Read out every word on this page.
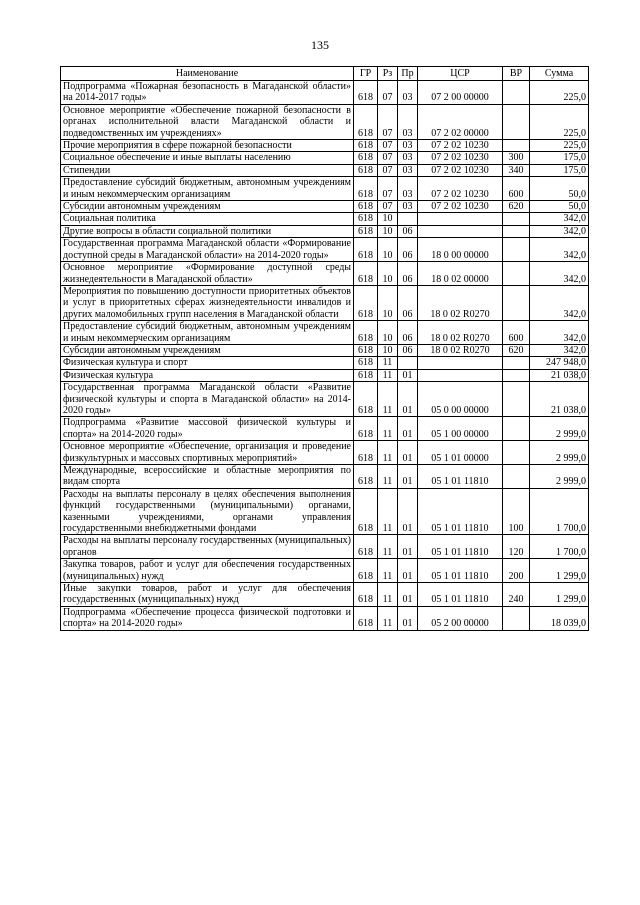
135
Наименование	ГР	Рз	Пр	ЦСР	ВР	Сумма
Подпрограмма «Пожарная безопасность в Магаданской области» на 2014-2017 годы»	618	07	03	07 2 00 00000		225,0
Основное мероприятие «Обеспечение пожарной безопасности в органах исполнительной власти Магаданской области и подведомственных им учреждениях»	618	07	03	07 2 02 00000		225,0
Прочие мероприятия в сфере пожарной безопасности	618	07	03	07 2 02 10230		225,0
Социальное обеспечение и иные выплаты населению	618	07	03	07 2 02 10230	300	175,0
Стипендии	618	07	03	07 2 02 10230	340	175,0
Предоставление субсидий бюджетным, автономным учреждениям и иным некоммерческим организациям	618	07	03	07 2 02 10230	600	50,0
Субсидии автономным учреждениям	618	07	03	07 2 02 10230	620	50,0
Социальная политика	618	10				342,0
Другие вопросы в области социальной политики	618	10	06			342,0
Государственная программа Магаданской области «Формирование доступной среды в Магаданской области» на 2014-2020 годы»	618	10	06	18 0 00 00000		342,0
Основное мероприятие «Формирование доступной среды жизнедеятельности в Магаданской области»	618	10	06	18 0 02 00000		342,0
Мероприятия по повышению доступности приоритетных объектов и услуг в приоритетных сферах жизнедеятельности инвалидов и других маломобильных групп населения в Магаданской области	618	10	06	18 0 02 R0270		342,0
Предоставление субсидий бюджетным, автономным учреждениям и иным некоммерческим организациям	618	10	06	18 0 02 R0270	600	342,0
Субсидии автономным учреждениям	618	10	06	18 0 02 R0270	620	342,0
Физическая культура и спорт	618	11				247 948,0
Физическая культура	618	11	01			21 038,0
Государственная программа Магаданской области «Развитие физической культуры и спорта в Магаданской области» на 2014-2020 годы»	618	11	01	05 0 00 00000		21 038,0
Подпрограмма «Развитие массовой физической культуры и спорта» на 2014-2020 годы»	618	11	01	05 1 00 00000		2 999,0
Основное мероприятие «Обеспечение, организация и проведение физкультурных и массовых спортивных мероприятий»	618	11	01	05 1 01 00000		2 999,0
Международные, всероссийские и областные мероприятия по видам спорта	618	11	01	05 1 01 11810		2 999,0
Расходы на выплаты персоналу в целях обеспечения выполнения функций государственными (муниципальными) органами, казенными учреждениями, органами управления государственными внебюджетными фондами	618	11	01	05 1 01 11810	100	1 700,0
Расходы на выплаты персоналу государственных (муниципальных) органов	618	11	01	05 1 01 11810	120	1 700,0
Закупка товаров, работ и услуг для обеспечения государственных (муниципальных) нужд	618	11	01	05 1 01 11810	200	1 299,0
Иные закупки товаров, работ и услуг для обеспечения государственных (муниципальных) нужд	618	11	01	05 1 01 11810	240	1 299,0
Подпрограмма «Обеспечение процесса физической подготовки и спорта» на 2014-2020 годы»	618	11	01	05 2 00 00000		18 039,0
